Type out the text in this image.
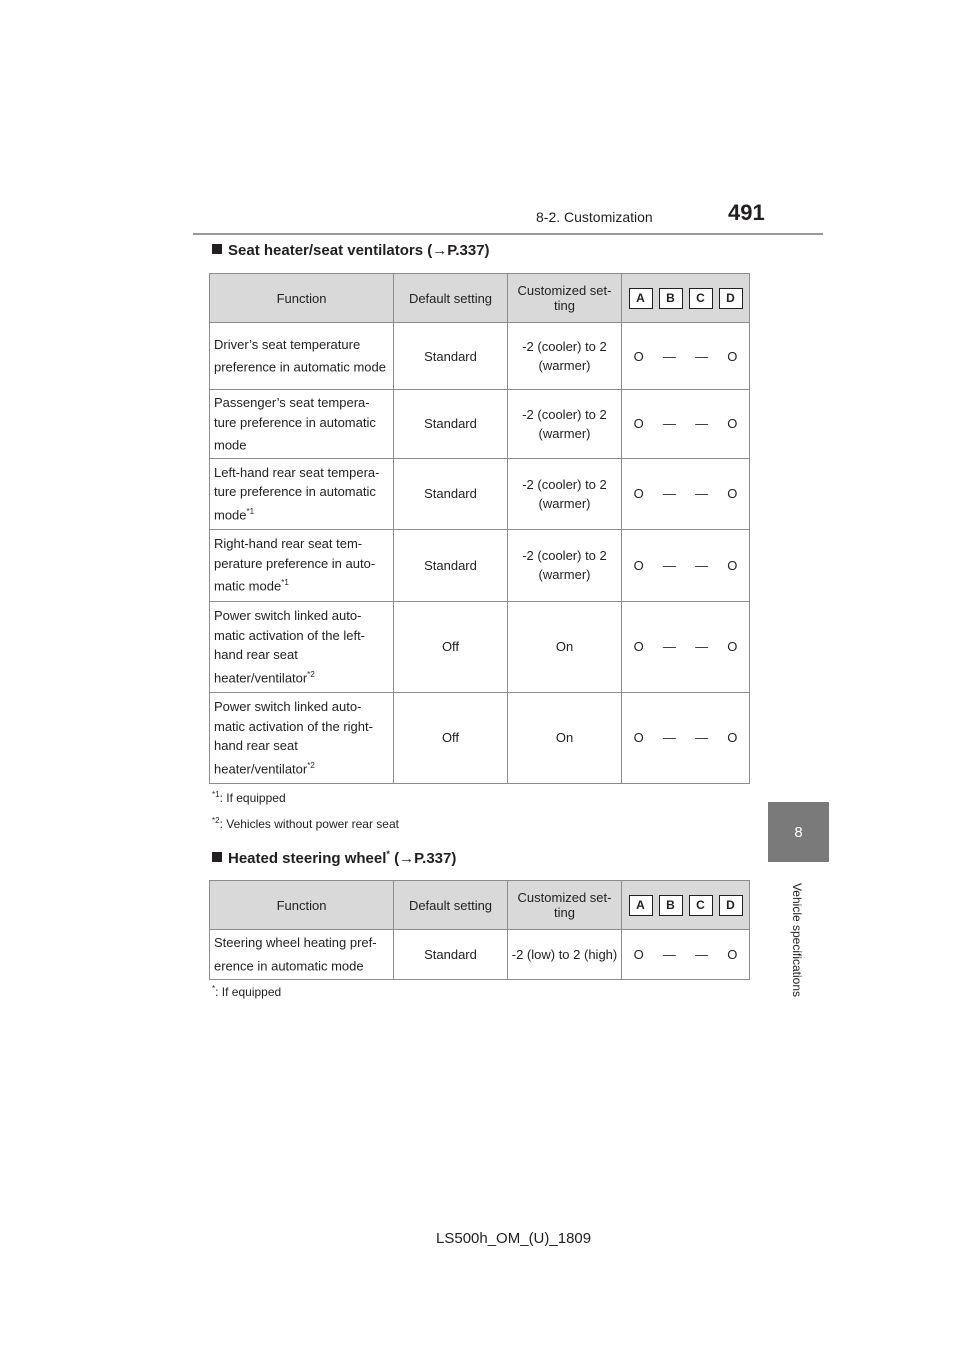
8-2. Customization	491
8
Vehicle specifications
Seat heater/seat ventilators (→P.337)
Function	Default setting	Customized set-ting	A B C D

Driver’s seat temperature preference in automatic mode	Standard	-2 (cooler) to 2 (warmer)	O — — O

Passenger’s seat tempera-ture preference in automatic mode	Standard	-2 (cooler) to 2 (warmer)	O — — O

Left-hand rear seat tempera-ture preference in automatic mode$^{*1}$	Standard	-2 (cooler) to 2 (warmer)	O — — O

Right-hand rear seat tem-perature preference in auto-matic mode$^{*1}$	Standard	-2 (cooler) to 2 (warmer)	O — — O

Power switch linked auto-matic activation of the left-hand rear seat heater/ventilator$^{*2}$	Off	On	O — — O

Power switch linked auto-matic activation of the right-hand rear seat heater/ventilator$^{*2}$	Off	On	O — — O
$^{*1}$: If equipped
$^{*2}$: Vehicles without power rear seat
Heated steering wheel* (→P.337)
Function	Default setting	Customized set-ting	A B C D

Steering wheel heating pref-erence in automatic mode	Standard	-2 (low) to 2 (high)	O — — O
*: If equipped
LS500h_OM_(U)_1809
